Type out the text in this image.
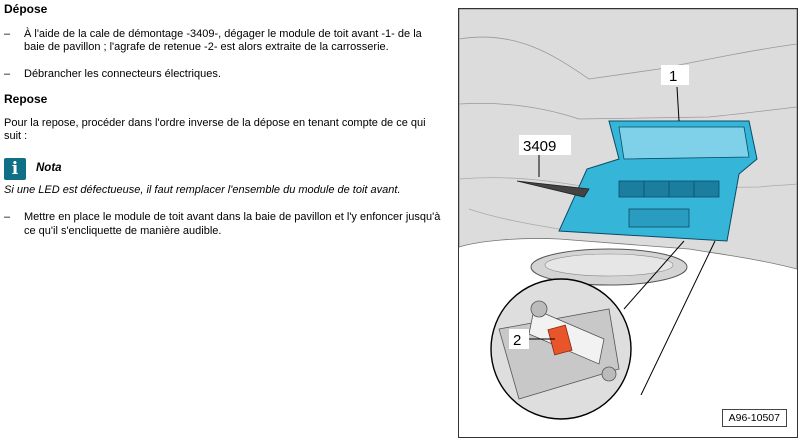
Dépose

–	À l'aide de la cale de démontage -3409-, dégager le module de toit avant -1- de la baie de pavillon ; l'agrafe de retenue -2- est alors extraite de la carrosserie.
–	Débrancher les connecteurs électriques.

Repose

Pour la repose, procéder dans l'ordre inverse de la dépose en tenant compte de ce qui suit :

i	Nota

Si une LED est défectueuse, il faut remplacer l'ensemble du module de toit avant.

–	Mettre en place le module de toit avant dans la baie de pavillon et l'y enfoncer jusqu'à ce qu'il s'encliquette de manière audible.
1
3409
2
A96-10507
